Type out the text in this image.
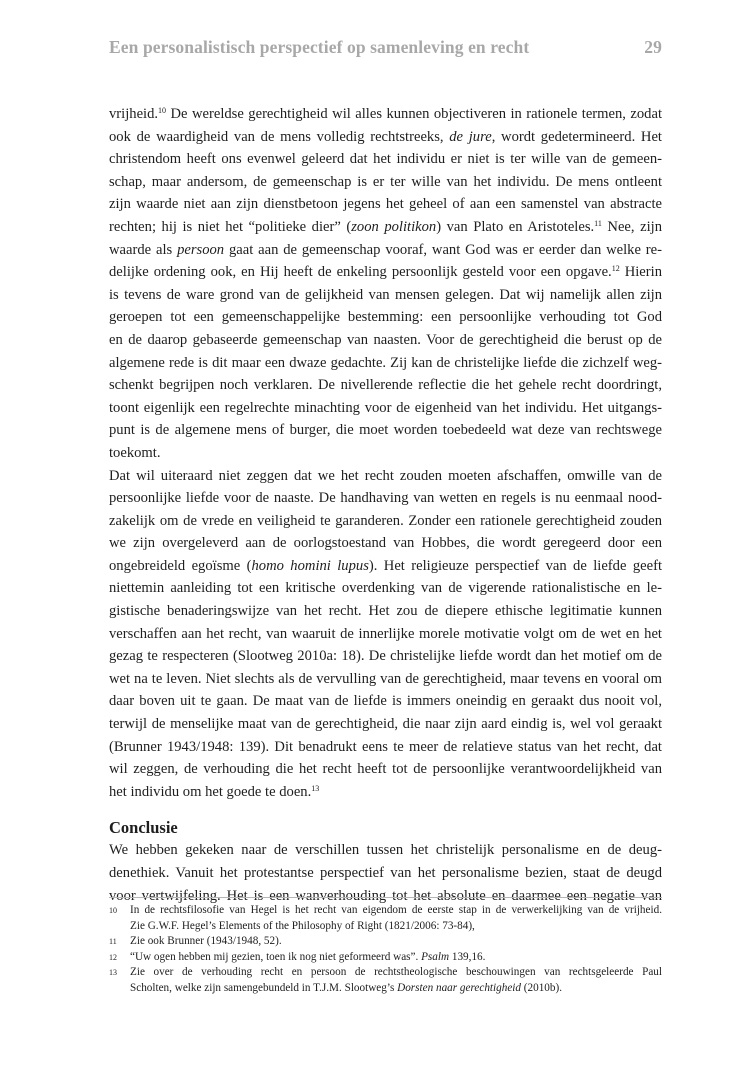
Een personalistisch perspectief op samenleving en recht	29
vrijheid.$^{10}$ De wereldse gerechtigheid wil alles kunnen objectiveren in rationele termen, zodat
ook de waardigheid van de mens volledig rechtstreeks, de jure, wordt gedetermineerd. Het
christendom heeft ons evenwel geleerd dat het individu er niet is ter wille van de gemeen-
schap, maar andersom, de gemeenschap is er ter wille van het individu. De mens ontleent
zijn waarde niet aan zijn dienstbetoon jegens het geheel of aan een samenstel van abstracte
rechten; hij is niet het “politieke dier” (zoon politikon) van Plato en Aristoteles.$^{11}$ Nee, zijn
waarde als persoon gaat aan de gemeenschap vooraf, want God was er eerder dan welke re-
delijke ordening ook, en Hij heeft de enkeling persoonlijk gesteld voor een opgave.$^{12}$ Hierin
is tevens de ware grond van de gelijkheid van mensen gelegen. Dat wij namelijk allen zijn
geroepen tot een gemeenschappelijke bestemming: een persoonlijke verhouding tot God
en de daarop gebaseerde gemeenschap van naasten. Voor de gerechtigheid die berust op de
algemene rede is dit maar een dwaze gedachte. Zij kan de christelijke liefde die zichzelf weg-
schenkt begrijpen noch verklaren. De nivellerende reflectie die het gehele recht doordringt,
toont eigenlijk een regelrechte minachting voor de eigenheid van het individu. Het uitgangs-
punt is de algemene mens of burger, die moet worden toebedeeld wat deze van rechtswege
toekomt.
Dat wil uiteraard niet zeggen dat we het recht zouden moeten afschaffen, omwille van de
persoonlijke liefde voor de naaste. De handhaving van wetten en regels is nu eenmaal nood-
zakelijk om de vrede en veiligheid te garanderen. Zonder een rationele gerechtigheid zouden
we zijn overgeleverd aan de oorlogstoestand van Hobbes, die wordt geregeerd door een
ongebreideld egoïsme (homo homini lupus). Het religieuze perspectief van de liefde geeft
niettemin aanleiding tot een kritische overdenking van de vigerende rationalistische en le-
gistische benaderingswijze van het recht. Het zou de diepere ethische legitimatie kunnen
verschaffen aan het recht, van waaruit de innerlijke morele motivatie volgt om de wet en het
gezag te respecteren (Slootweg 2010a: 18). De christelijke liefde wordt dan het motief om de
wet na te leven. Niet slechts als de vervulling van de gerechtigheid, maar tevens en vooral om
daar boven uit te gaan. De maat van de liefde is immers oneindig en geraakt dus nooit vol,
terwijl de menselijke maat van de gerechtigheid, die naar zijn aard eindig is, wel vol geraakt
(Brunner 1943/1948: 139). Dit benadrukt eens te meer de relatieve status van het recht, dat
wil zeggen, de verhouding die het recht heeft tot de persoonlijke verantwoordelijkheid van
het individu om het goede te doen.$^{13}$
Conclusie
We hebben gekeken naar de verschillen tussen het christelijk personalisme en de deug-
denethiek. Vanuit het protestantse perspectief van het personalisme bezien, staat de deugd
voor vertwijfeling. Het is een wanverhouding tot het absolute en daarmee een negatie van
10	In de rechtsfilosofie van Hegel is het recht van eigendom de eerste stap in de verwerkelijking van de vrijheid.
Zie G.W.F. Hegel’s Elements of the Philosophy of Right (1821/2006: 73-84),
11	Zie ook Brunner (1943/1948, 52).
12	“Uw ogen hebben mij gezien, toen ik nog niet geformeerd was”. Psalm 139,16.
13	Zie over de verhouding recht en persoon de rechtstheologische beschouwingen van rechtsgeleerde Paul
Scholten, welke zijn samengebundeld in T.J.M. Slootweg’s Dorsten naar gerechtigheid (2010b).
